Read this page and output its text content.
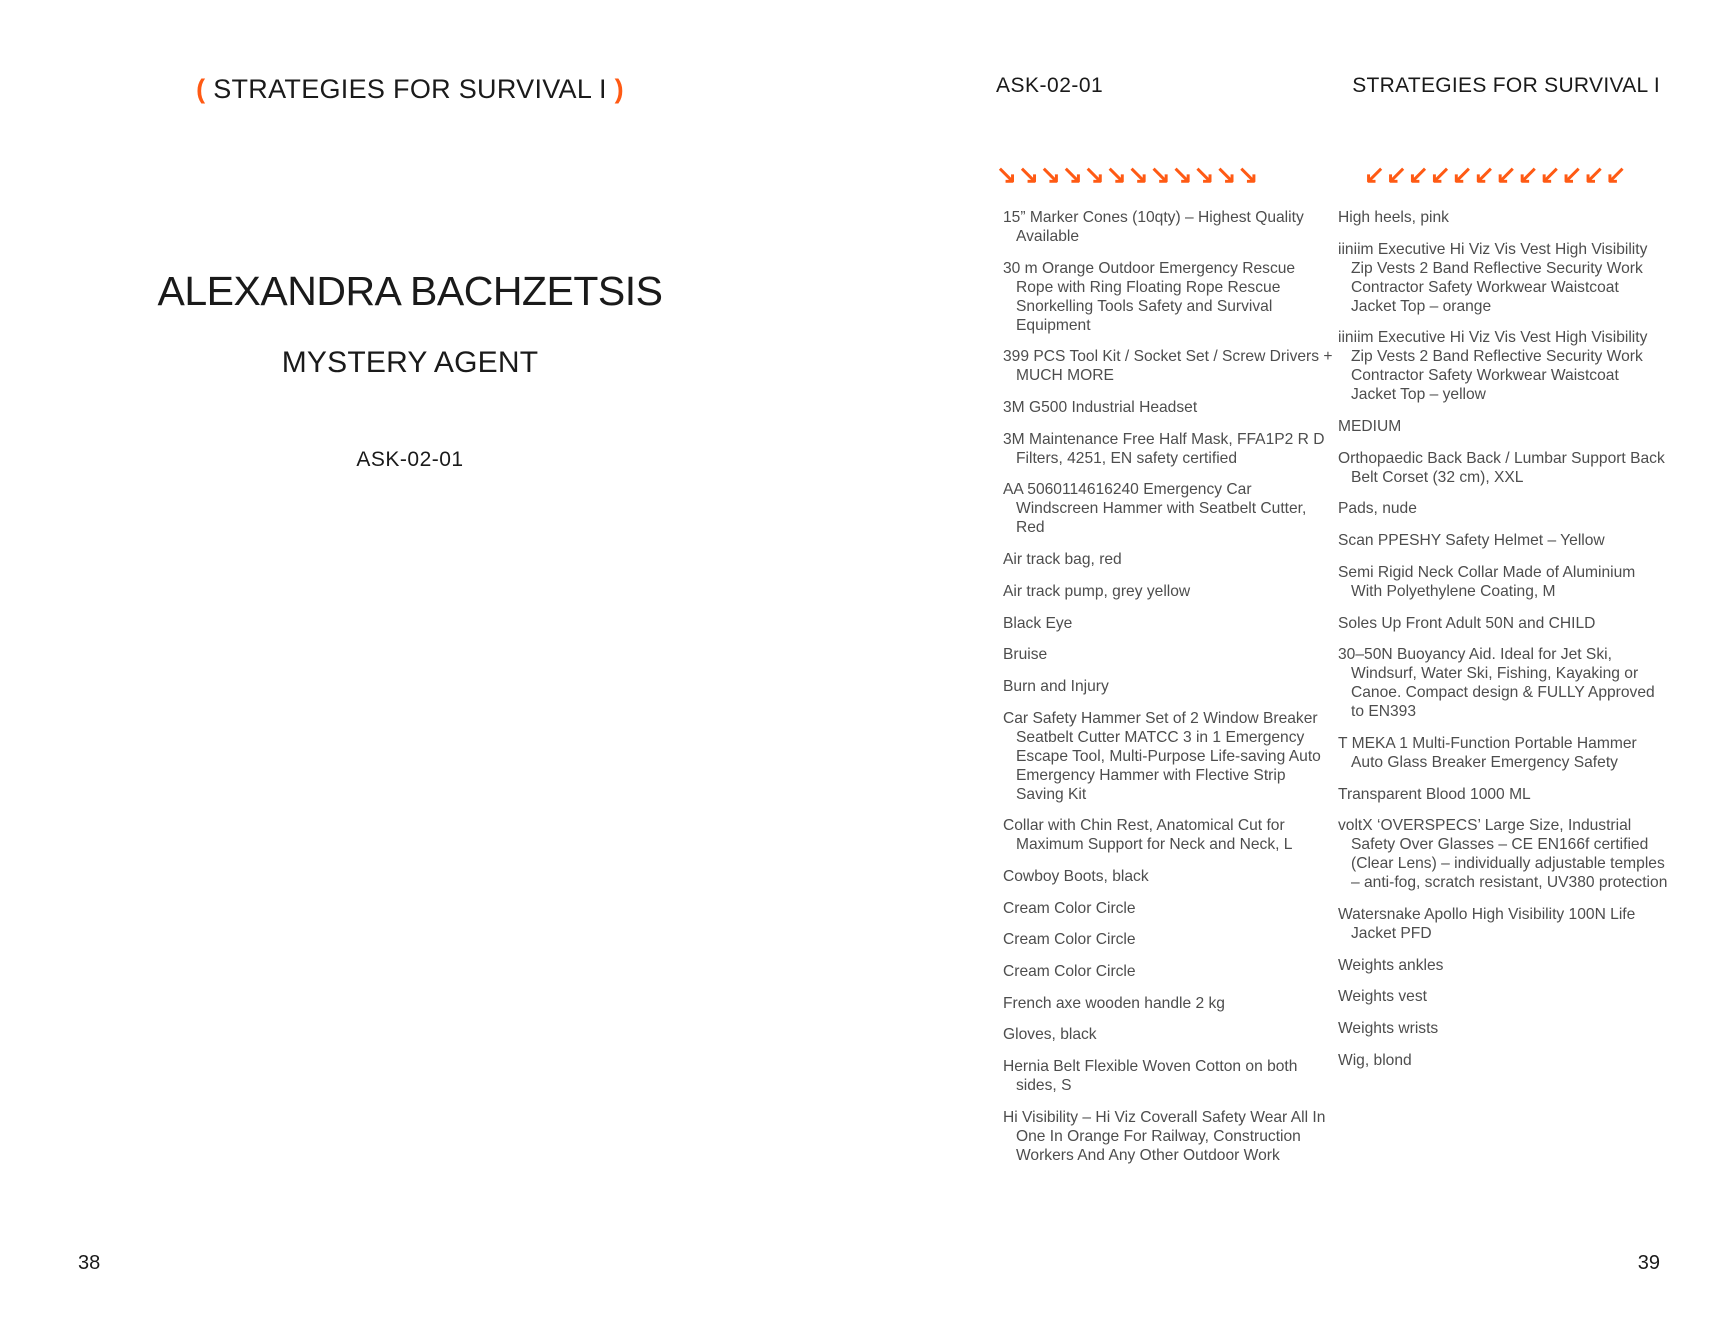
( STRATEGIES FOR SURVIVAL I )
ALEXANDRA BACHZETSIS
MYSTERY AGENT
ASK-02-01
38
ASK-02-01	STRATEGIES FOR SURVIVAL I
↘↘↘↘↘↘↘↘↘↘↘↘	↙↙↙↙↙↙↙↙↙↙↙↙
15” Marker Cones (10qty) – Highest Quality Available
30 m Orange Outdoor Emergency Rescue Rope with Ring Floating Rope Rescue Snorkelling Tools Safety and Survival Equipment
399 PCS Tool Kit / Socket Set / Screw Drivers + MUCH MORE
3M G500 Industrial Headset
3M Maintenance Free Half Mask, FFA1P2 R D Filters, 4251, EN safety certified
AA 5060114616240 Emergency Car Windscreen Hammer with Seatbelt Cutter, Red
Air track bag, red
Air track pump, grey yellow
Black Eye
Bruise
Burn and Injury
Car Safety Hammer Set of 2 Window Breaker Seatbelt Cutter MATCC 3 in 1 Emergency Escape Tool, Multi-Purpose Life-saving Auto Emergency Hammer with Flective Strip Saving Kit
Collar with Chin Rest, Anatomical Cut for Maximum Support for Neck and Neck, L
Cowboy Boots, black
Cream Color Circle
Cream Color Circle
Cream Color Circle
French axe wooden handle 2 kg
Gloves, black
Hernia Belt Flexible Woven Cotton on both sides, S
Hi Visibility – Hi Viz Coverall Safety Wear All In One In Orange For Railway, Construction Workers And Any Other Outdoor Work
High heels, pink
iiniim Executive Hi Viz Vis Vest High Visibility Zip Vests 2 Band Reflective Security Work Contractor Safety Workwear Waistcoat Jacket Top – orange
iiniim Executive Hi Viz Vis Vest High Visibility Zip Vests 2 Band Reflective Security Work Contractor Safety Workwear Waistcoat Jacket Top – yellow
MEDIUM
Orthopaedic Back Back / Lumbar Support Back Belt Corset (32 cm), XXL
Pads, nude
Scan PPESHY Safety Helmet – Yellow
Semi Rigid Neck Collar Made of Aluminium With Polyethylene Coating, M
Soles Up Front Adult 50N and CHILD
30–50N Buoyancy Aid. Ideal for Jet Ski, Windsurf, Water Ski, Fishing, Kayaking or Canoe. Compact design & FULLY Approved to EN393
T MEKA 1 Multi-Function Portable Hammer Auto Glass Breaker Emergency Safety
Transparent Blood 1000 ML
voltX ‘OVERSPECS’ Large Size, Industrial Safety Over Glasses – CE EN166f certified (Clear Lens) – individually adjustable temples – anti-fog, scratch resistant, UV380 protection
Watersnake Apollo High Visibility 100N Life Jacket PFD
Weights ankles
Weights vest
Weights wrists
Wig, blond
39
